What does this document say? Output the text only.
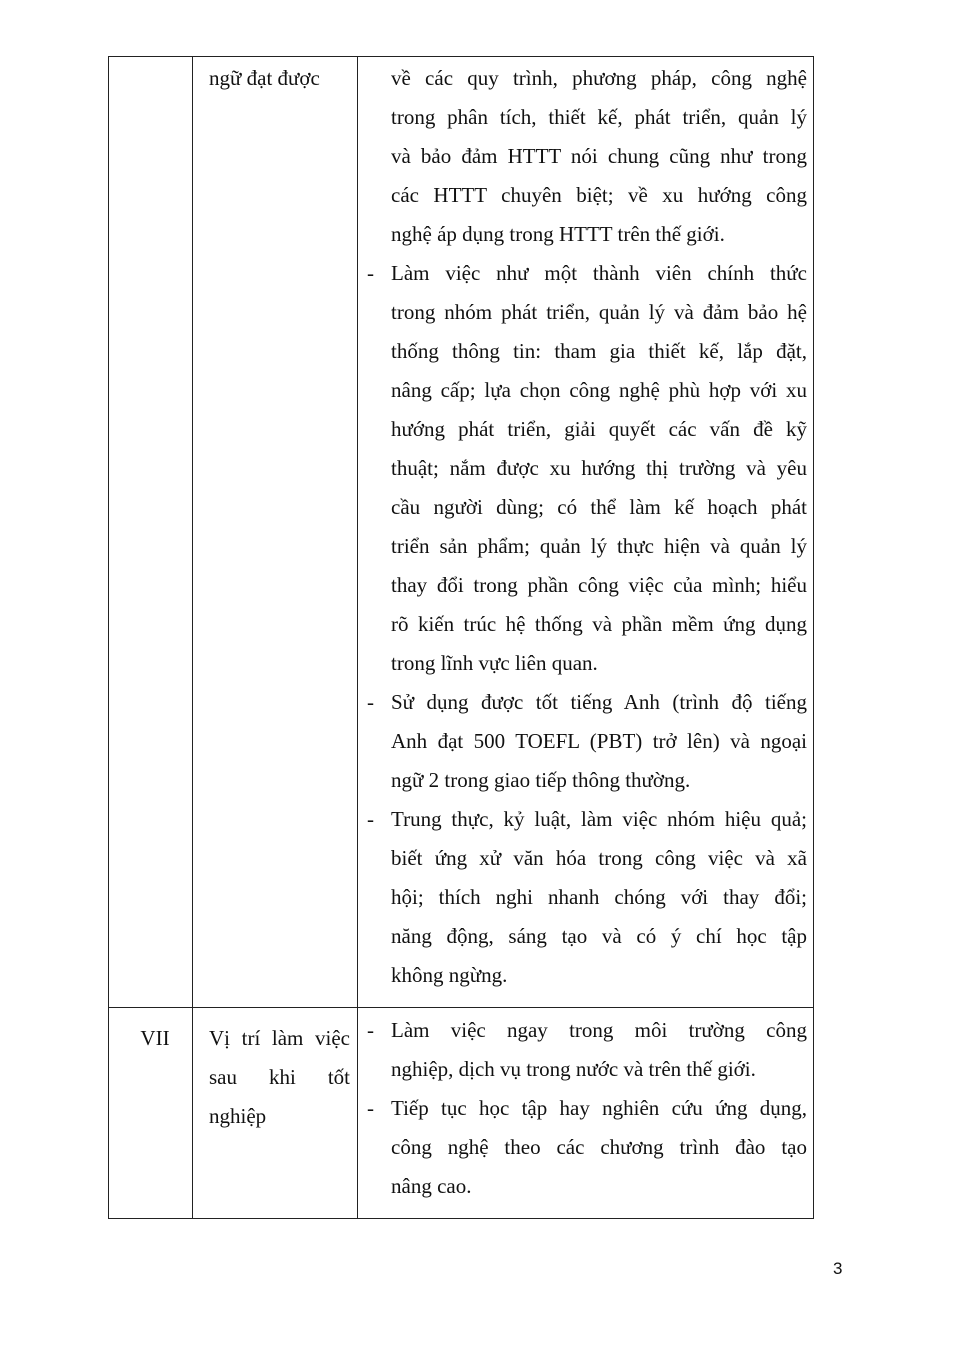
ngữ đạt được	về các quy trình, phương pháp, công nghệ
trong phân tích, thiết kế, phát triển, quản lý
và bảo đảm HTTT nói chung cũng như trong
các HTTT chuyên biệt; về xu hướng công
nghệ áp dụng trong HTTT trên thế giới.
- Làm việc như một thành viên chính thức
trong nhóm phát triển, quản lý và đảm bảo hệ
thống thông tin: tham gia thiết kế, lắp đặt,
nâng cấp; lựa chọn công nghệ phù hợp với xu
hướng phát triển, giải quyết các vấn đề kỹ
thuật; nắm được xu hướng thị trường và yêu
cầu người dùng; có thể làm kế hoạch phát
triển sản phẩm; quản lý thực hiện và quản lý
thay đổi trong phần công việc của mình; hiểu
rõ kiến trúc hệ thống và phần mềm ứng dụng
trong lĩnh vực liên quan.
- Sử dụng được tốt tiếng Anh (trình độ tiếng
Anh đạt 500 TOEFL (PBT) trở lên) và ngoại
ngữ 2 trong giao tiếp thông thường.
- Trung thực, kỷ luật, làm việc nhóm hiệu quả;
biết ứng xử văn hóa trong công việc và xã
hội; thích nghi nhanh chóng với thay đổi;
năng động, sáng tạo và có ý chí học tập
không ngừng.
VII	Vị trí làm việc
sau khi tốt
nghiệp
- Làm việc ngay trong môi trường công
nghiệp, dịch vụ trong nước và trên thế giới.
- Tiếp tục học tập hay nghiên cứu ứng dụng,
công nghệ theo các chương trình đào tạo
nâng cao.
3
